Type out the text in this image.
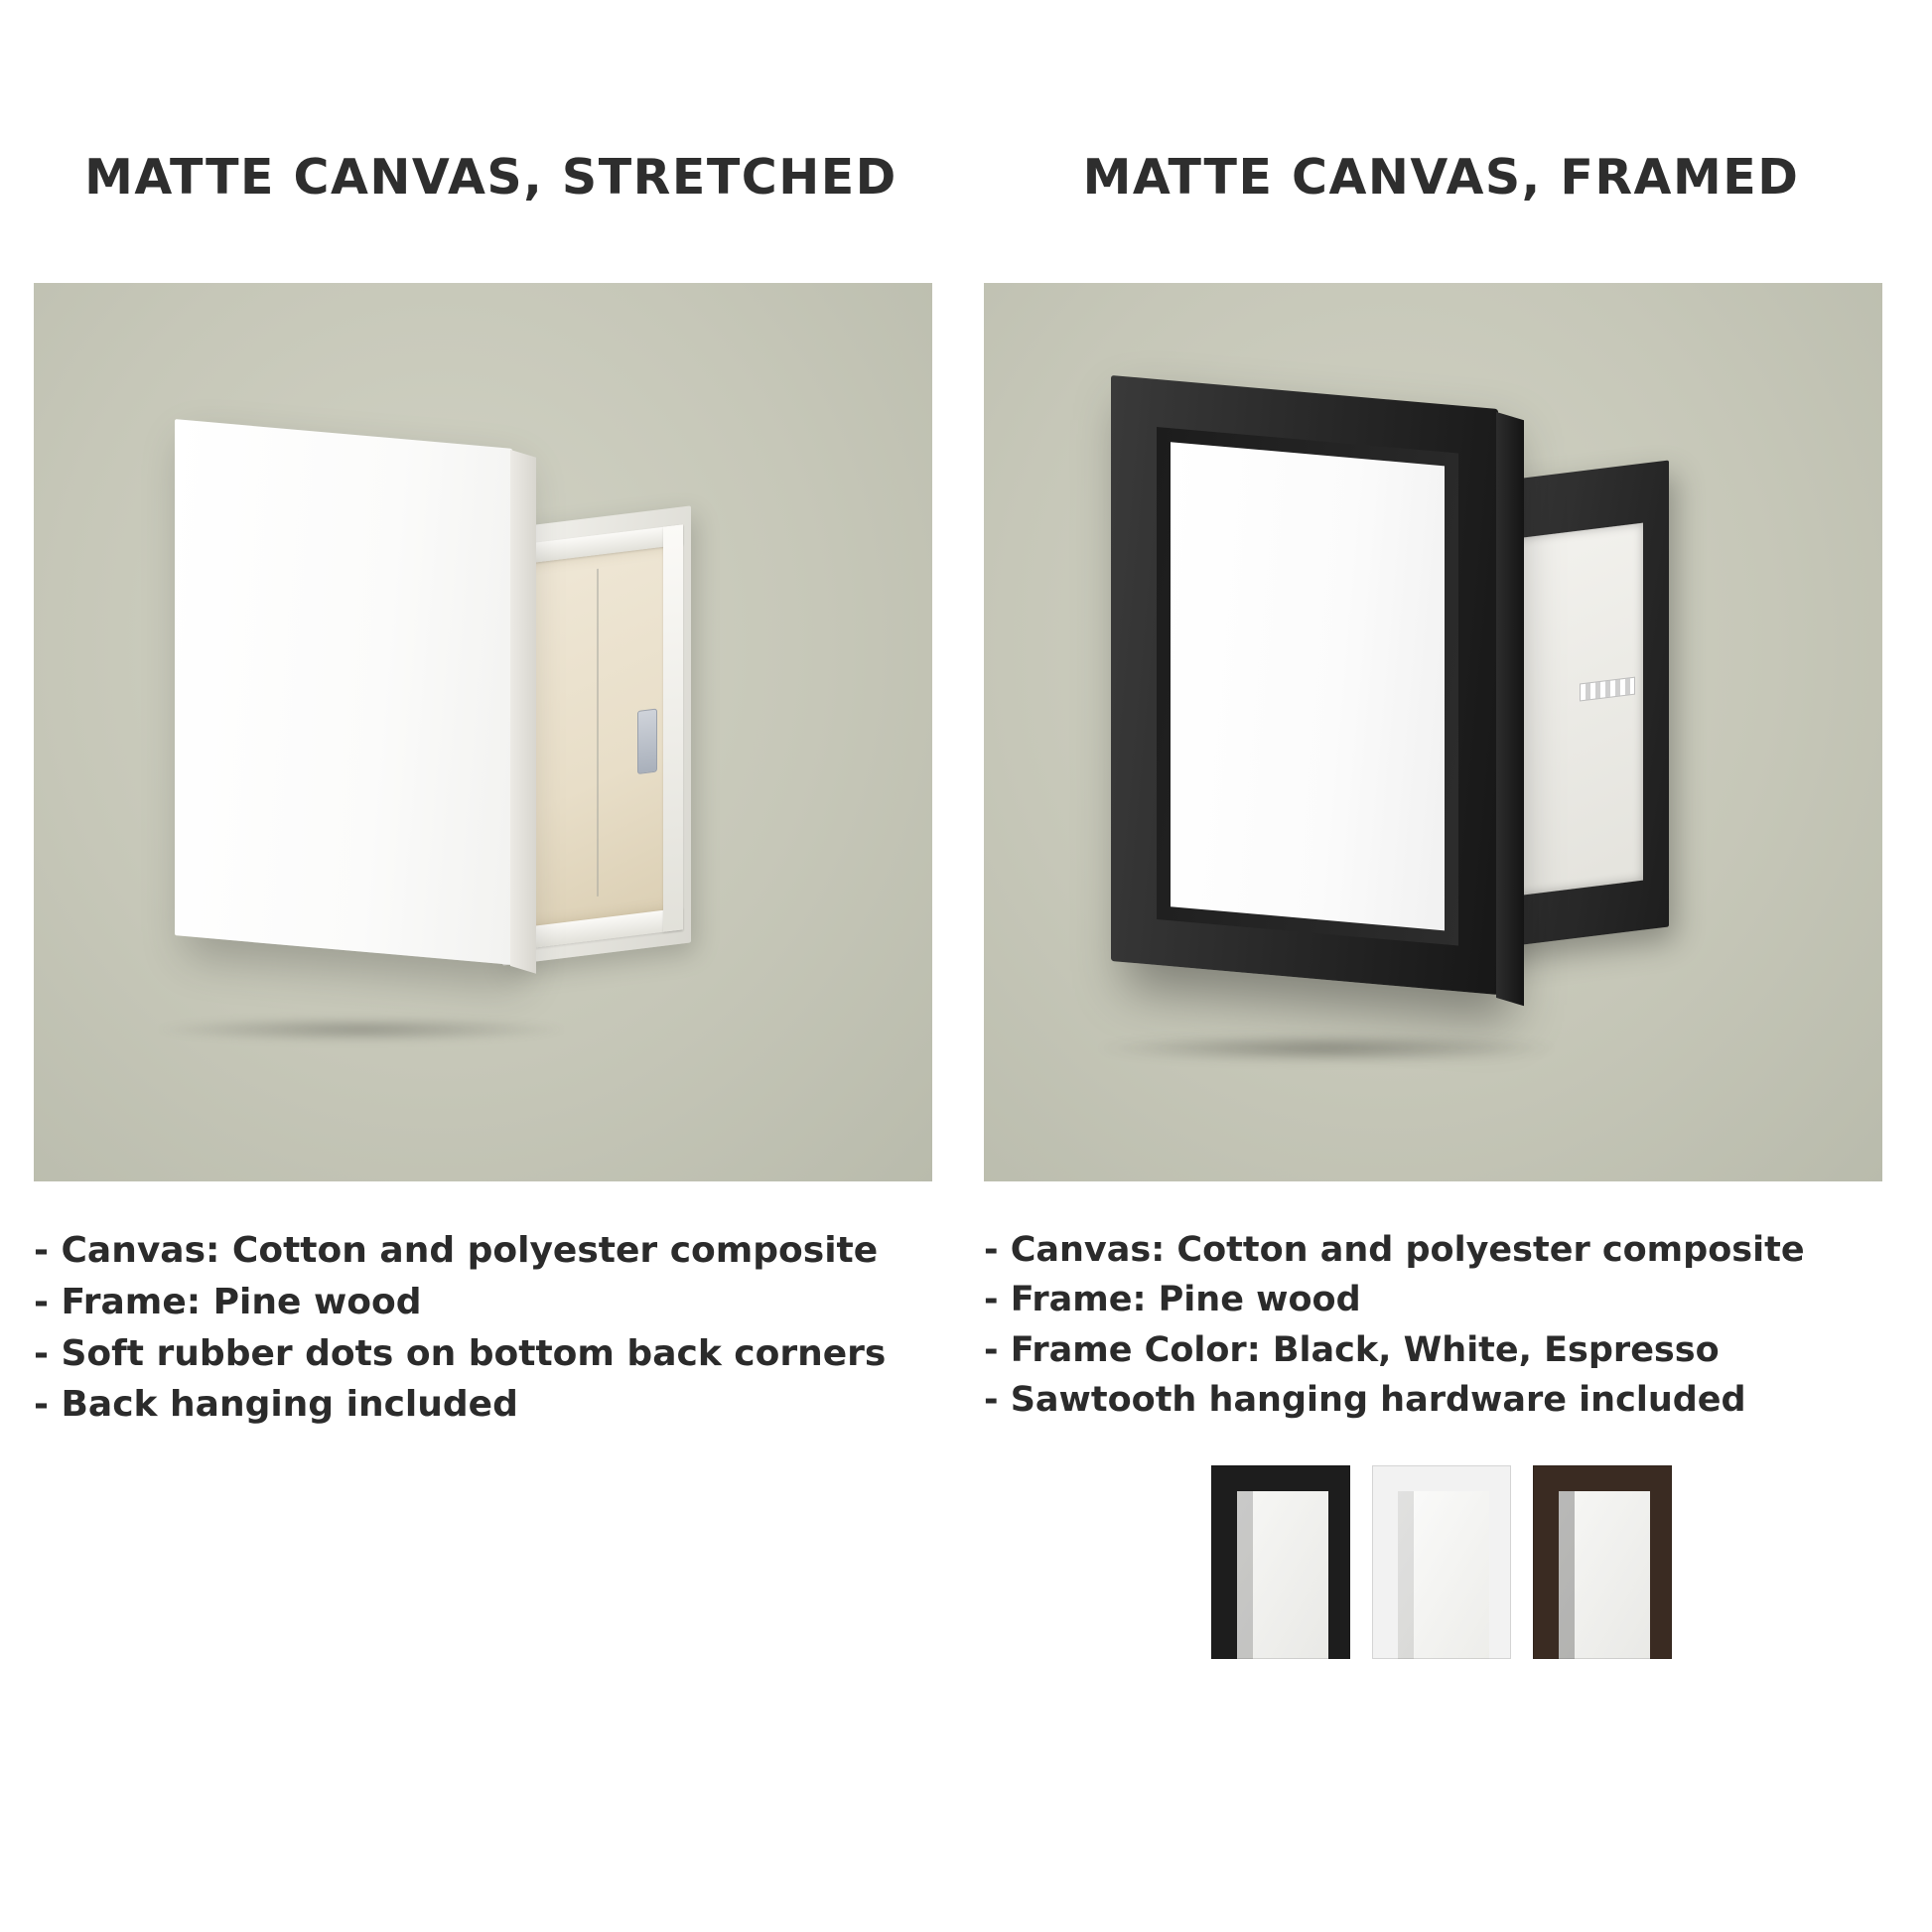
MATTE CANVAS, STRETCHED
- Canvas: Cotton and polyester composite
- Frame: Pine wood
- Soft rubber dots on bottom back corners
- Back hanging included
MATTE CANVAS, FRAMED
- Canvas: Cotton and polyester composite
- Frame: Pine wood
- Frame Color: Black, White, Espresso
- Sawtooth hanging hardware included
